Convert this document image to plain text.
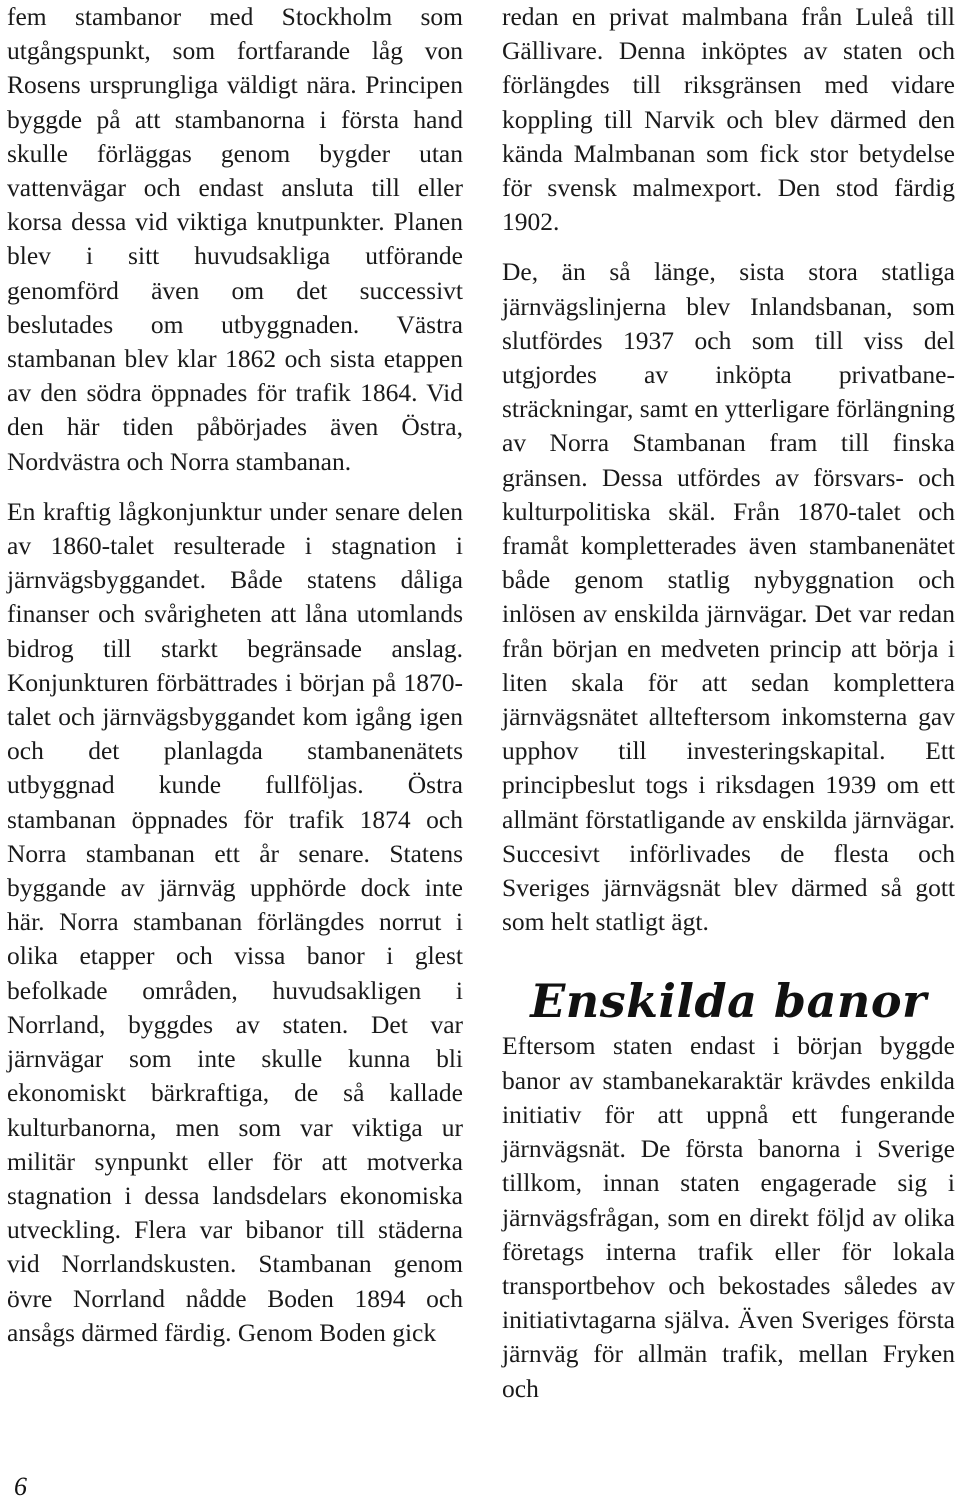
fem stambanor med Stockholm som utgångspunkt, som fortfarande låg von Rosens ursprungliga väldigt nära. Principen byggde på att stambanorna i första hand skulle förläggas genom bygder utan vattenvägar och endast ansluta till eller korsa dessa vid viktiga knutpunkter. Planen blev i sitt huvudsakliga utförande genomförd även om det successivt beslutades om utbyggnaden. Västra stambanan blev klar 1862 och sista etappen av den södra öppnades för trafik 1864. Vid den här tiden påbörjades även Östra, Nordvästra och Norra stambanan.

En kraftig lågkonjunktur under senare delen av 1860-talet resulterade i stagnation i järnvägsbyggandet. Både statens dåliga finanser och svårigheten att låna utomlands bidrog till starkt begränsade anslag. Konjunkturen förbättrades i början på 1870-talet och järnvägsbyggandet kom igång igen och det planlagda stambanenätets utbyggnad kunde fullföljas. Östra stambanan öppnades för trafik 1874 och Norra stambanan ett år senare. Statens byggande av järnväg upphörde dock inte här. Norra stambanan förlängdes norrut i olika etapper och vissa banor i glest befolkade områden, huvudsakligen i Norrland, byggdes av staten. Det var järnvägar som inte skulle kunna bli ekonomiskt bärkraftiga, de så kallade kulturbanorna, men som var viktiga ur militär synpunkt eller för att motverka stagnation i dessa landsdelars ekonomiska utveckling. Flera var bibanor till städerna vid Norrlandskusten. Stambanan genom övre Norrland nådde Boden 1894 och ansågs därmed färdig. Genom Boden gick

redan en privat malmbana från Luleå till Gällivare. Denna inköptes av staten och förlängdes till riksgränsen med vidare koppling till Narvik och blev därmed den kända Malmbanan som fick stor betydelse för svensk malmexport. Den stod färdig 1902.

De, än så länge, sista stora statliga järnvägslinjerna blev Inlandsbanan, som slutfördes 1937 och som till viss del utgjordes av inköpta privatbanesträckningar, samt en ytterligare förlängning av Norra Stambanan fram till finska gränsen. Dessa utfördes av försvars- och kulturpolitiska skäl. Från 1870-talet och framåt kompletterades även stambanenätet både genom statlig nybyggnation och inlösen av enskilda järnvägar. Det var redan från början en medveten princip att börja i liten skala för att sedan komplettera järnvägsnätet allteftersom inkomsterna gav upphov till investeringskapital. Ett principbeslut togs i riksdagen 1939 om ett allmänt förstatligande av enskilda järnvägar. Succesivt införlivades de flesta och Sveriges järnvägsnät blev därmed så gott som helt statligt ägt.

Enskilda banor

Eftersom staten endast i början byggde banor av stambanekaraktär krävdes enkilda initiativ för att uppnå ett fungerande järnvägsnät. De första banorna i Sverige tillkom, innan staten engagerade sig i järnvägsfrågan, som en direkt följd av olika företags interna trafik eller för lokala transportbehov och bekostades således av initiativtagarna själva. Även Sveriges första järnväg för allmän trafik, mellan Fryken och

6
